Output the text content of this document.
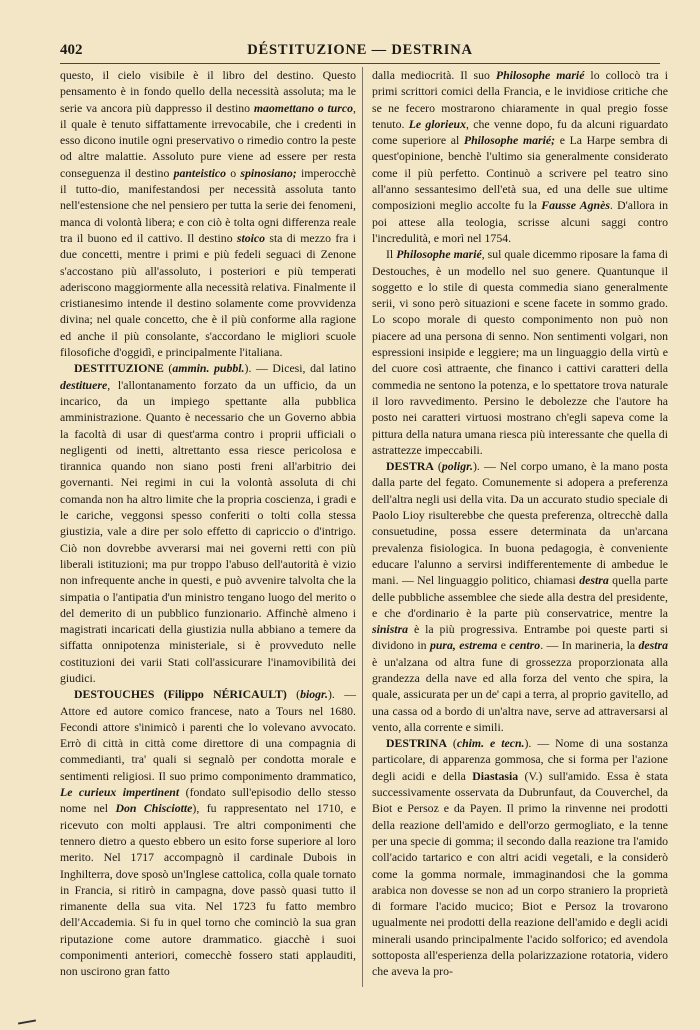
402	DÉSTITUZIONE — DESTRINA

questo, il cielo visibile è il libro del destino. Questo pensamento è in fondo quello della necessità assoluta; ma le serie va ancora più dappresso il destino maomettano o turco, il quale è tenuto siffattamente irrevocabile, che i credenti in esso dicono inutile ogni preservativo o rimedio contro la peste od altre malattie. Assoluto pure viene ad essere per resta conseguenza il destino panteistico o spinosiano; imperocchè il tutto-dio, manifestandosi per necessità assoluta tanto nell'estensione che nel pensiero per tutta la serie dei fenomeni, manca di volontà libera; e con ciò è tolta ogni differenza reale tra il buono ed il cattivo. Il destino stoico sta di mezzo fra i due concetti, mentre i primi e più fedeli seguaci di Zenone s'accostano più all'assoluto, i posteriori e più temperati aderiscono maggiormente alla necessità relativa. Finalmente il cristianesimo intende il destino solamente come provvidenza divina; nel quale concetto, che è il più conforme alla ragione ed anche il più consolante, s'accordano le migliori scuole filosofiche d'oggidì, e principalmente l'italiana.

DESTITUZIONE (ammin. pubbl.). — Dicesi, dal latino destituere, l'allontanamento forzato da un ufficio, da un incarico, da un impiego spettante alla pubblica amministrazione. Quanto è necessario che un Governo abbia la facoltà di usar di quest'arma contro i proprii ufficiali o negligenti od inetti, altrettanto essa riesce pericolosa e tirannica quando non siano posti freni all'arbitrio dei governanti. Nei regimi in cui la volontà assoluta di chi comanda non ha altro limite che la propria coscienza, i gradi e le cariche, veggonsi spesso conferiti o tolti colla stessa giustizia, vale a dire per solo effetto di capriccio o d'intrigo. Ciò non dovrebbe avverarsi mai nei governi retti con più liberali istituzioni; ma pur troppo l'abuso dell'autorità è vizio non infrequente anche in questi, e può avvenire talvolta che la simpatia o l'antipatia d'un ministro tengano luogo del merito o del demerito di un pubblico funzionario. Affinchè almeno i magistrati incaricati della giustizia nulla abbiano a temere da siffatta onnipotenza ministeriale, si è provveduto nelle costituzioni dei varii Stati coll'assicurare l'inamovibilità dei giudici.

DESTOUCHES (Filippo NÉRICAULT) (biogr.). — Attore ed autore comico francese, nato a Tours nel 1680. Fecondi attore s'inimicò i parenti che lo volevano avvocato. Errò di città in città come direttore di una compagnia di commedianti, tra' quali si segnalò per condotta morale e sentimenti religiosi. Il suo primo componimento drammatico, Le curieux impertinent (fondato sull'episodio dello stesso nome nel Don Chisciotte), fu rappresentato nel 1710, e ricevuto con molti applausi. Tre altri componimenti che tennero dietro a questo ebbero un esito forse superiore al loro merito. Nel 1717 accompagnò il cardinale Dubois in Inghilterra, dove sposò un'Inglese cattolica, colla quale tornato in Francia, si ritirò in campagna, dove passò quasi tutto il rimanente della sua vita. Nel 1723 fu fatto membro dell'Accademia. Si fu in quel torno che cominciò la sua gran riputazione come autore drammatico. giacchè i suoi componimenti anteriori, comecchè fossero stati applauditi, non uscirono gran fatto

dalla mediocrità. Il suo Philosophe marié lo collocò tra i primi scrittori comici della Francia, e le invidiose critiche che se ne fecero mostrarono chiaramente in qual pregio fosse tenuto. Le glorieux, che venne dopo, fu da alcuni riguardato come superiore al Philosophe marié; e La Harpe sembra di quest'opinione, benchè l'ultimo sia generalmente considerato come il più perfetto. Continuò a scrivere pel teatro sino all'anno sessantesimo dell'età sua, ed una delle sue ultime composizioni meglio accolte fu la Fausse Agnès. D'allora in poi attese alla teologia, scrisse alcuni saggi contro l'incredulità, e morì nel 1754.

Il Philosophe marié, sul quale dicemmo riposare la fama di Destouches, è un modello nel suo genere. Quantunque il soggetto e lo stile di questa commedia siano generalmente serii, vi sono però situazioni e scene facete in sommo grado. Lo scopo morale di questo componimento non può non piacere ad una persona di senno. Non sentimenti volgari, non espressioni insipide e leggiere; ma un linguaggio della virtù e del cuore così attraente, che financo i cattivi caratteri della commedia ne sentono la potenza, e lo spettatore trova naturale il loro ravvedimento. Persino le debolezze che l'autore ha posto nei caratteri virtuosi mostrano ch'egli sapeva come la pittura della natura umana riesca più interessante che quella di astrattezze impeccabili.

DESTRA (poligr.). — Nel corpo umano, è la mano posta dalla parte del fegato. Comunemente si adopera a preferenza dell'altra negli usi della vita. Da un accurato studio speciale di Paolo Lioy risulterebbe che questa preferenza, oltrecchè dalla consuetudine, possa essere determinata da un'arcana prevalenza fisiologica. In buona pedagogia, è conveniente educare l'alunno a servirsi indifferentemente di ambedue le mani. — Nel linguaggio politico, chiamasi destra quella parte delle pubbliche assemblee che siede alla destra del presidente, e che d'ordinario è la parte più conservatrice, mentre la sinistra è la più progressiva. Entrambe poi queste parti si dividono in pura, estrema e centro. — In marineria, la destra è un'alzana od altra fune di grossezza proporzionata alla grandezza della nave ed alla forza del vento che spira, la quale, assicurata per un de' capi a terra, al proprio gavitello, ad una cassa od a bordo di un'altra nave, serve ad attraversarsi al vento, alla corrente e simili.

DESTRINA (chim. e tecn.). — Nome di una sostanza particolare, di apparenza gommosa, che si forma per l'azione degli acidi e della Diastasia (V.) sull'amido. Essa è stata successivamente osservata da Dubrunfaut, da Couverchel, da Biot e Persoz e da Payen. Il primo la rinvenne nei prodotti della reazione dell'amido e dell'orzo germogliato, e la tenne per una specie di gomma; il secondo dalla reazione tra l'amido coll'acido tartarico e con altri acidi vegetali, e la considerò come la gomma normale, immaginandosi che la gomma arabica non dovesse se non ad un corpo straniero la proprietà di formare l'acido mucico; Biot e Persoz la trovarono ugualmente nei prodotti della reazione dell'amido e degli acidi minerali usando principalmente l'acido solforico; ed avendola sottoposta all'esperienza della polarizzazione rotatoria, videro che aveva la pro-
